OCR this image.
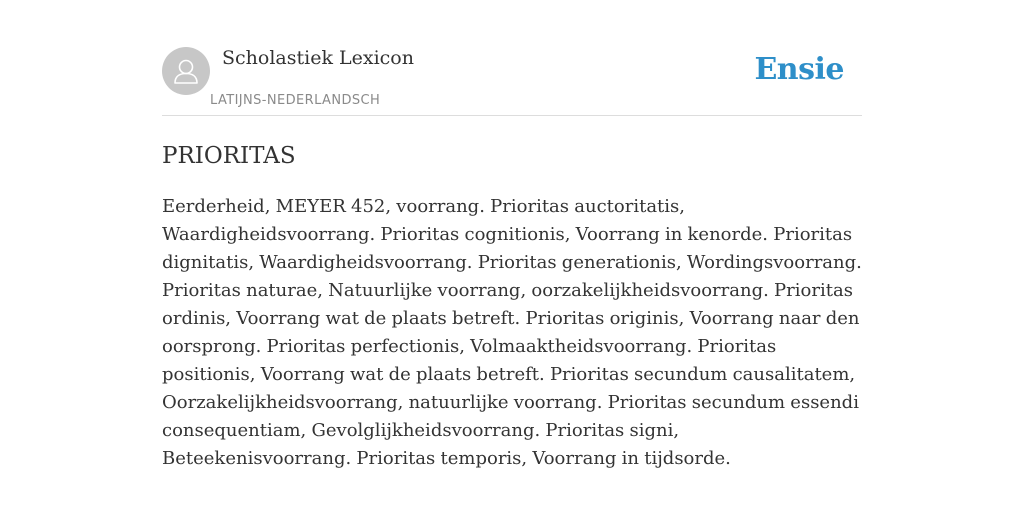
Scholastiek Lexicon
LATIJNS-NEDERLANDSCH
Ensie
PRIORITAS

Eerderheid, MEYER 452, voorrang. Prioritas auctoritatis, Waardigheidsvoorrang. Prioritas cognitionis, Voorrang in kenorde. Prioritas dignitatis, Waardigheidsvoorrang. Prioritas generationis, Wordingsvoorrang. Prioritas naturae, Natuurlijke voorrang, oorzakelijkheidsvoorrang. Prioritas ordinis, Voorrang wat de plaats betreft. Prioritas originis, Voorrang naar den oorsprong. Prioritas perfectionis, Volmaaktheidsvoorrang. Prioritas positionis, Voorrang wat de plaats betreft. Prioritas secundum causalitatem, Oorzakelijkheidsvoorrang, natuurlijke voorrang. Prioritas secundum essendi consequentiam, Gevolglijkheidsvoorrang. Prioritas signi, Beteekenisvoorrang. Prioritas temporis, Voorrang in tijdsorde.
